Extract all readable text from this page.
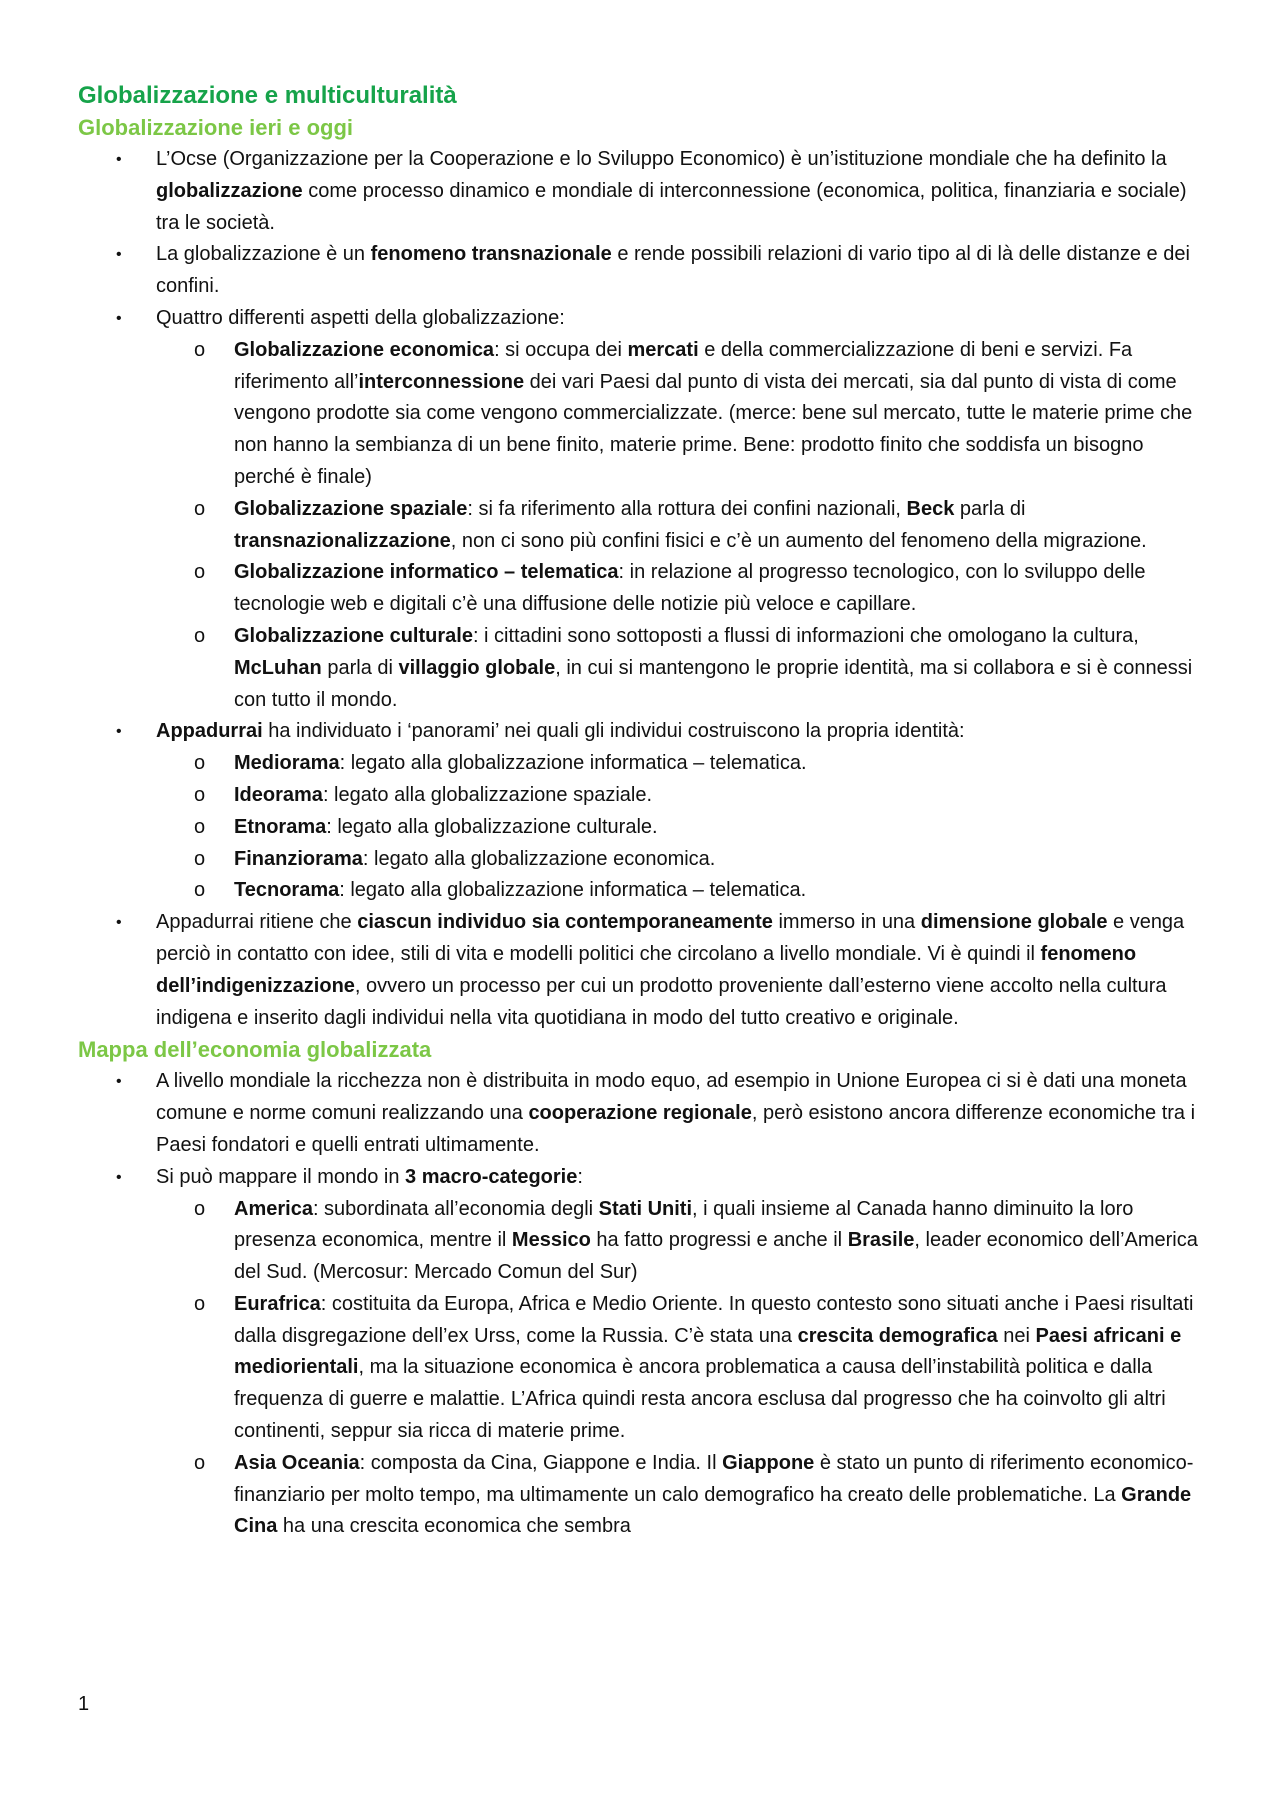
Globalizzazione e multiculturalità
Globalizzazione ieri e oggi
• L’Ocse (Organizzazione per la Cooperazione e lo Sviluppo Economico) è un’istituzione mondiale che ha definito la globalizzazione come processo dinamico e mondiale di interconnessione (economica, politica, finanziaria e sociale) tra le società.
• La globalizzazione è un fenomeno transnazionale e rende possibili relazioni di vario tipo al di là delle distanze e dei confini.
• Quattro differenti aspetti della globalizzazione:
o Globalizzazione economica: si occupa dei mercati e della commercializzazione di beni e servizi. Fa riferimento all’interconnessione dei vari Paesi dal punto di vista dei mercati, sia dal punto di vista di come vengono prodotte sia come vengono commercializzate. (merce: bene sul mercato, tutte le materie prime che non hanno la sembianza di un bene finito, materie prime. Bene: prodotto finito che soddisfa un bisogno perché è finale)
o Globalizzazione spaziale: si fa riferimento alla rottura dei confini nazionali, Beck parla di transnazionalizzazione, non ci sono più confini fisici e c’è un aumento del fenomeno della migrazione.
o Globalizzazione informatico – telematica: in relazione al progresso tecnologico, con lo sviluppo delle tecnologie web e digitali c’è una diffusione delle notizie più veloce e capillare.
o Globalizzazione culturale: i cittadini sono sottoposti a flussi di informazioni che omologano la cultura, McLuhan parla di villaggio globale, in cui si mantengono le proprie identità, ma si collabora e si è connessi con tutto il mondo.
• Appadurrai ha individuato i ‘panorami’ nei quali gli individui costruiscono la propria identità:
o Mediorama: legato alla globalizzazione informatica – telematica.
o Ideorama: legato alla globalizzazione spaziale.
o Etnorama: legato alla globalizzazione culturale.
o Finanziorama: legato alla globalizzazione economica.
o Tecnorama: legato alla globalizzazione informatica – telematica.
• Appadurrai ritiene che ciascun individuo sia contemporaneamente immerso in una dimensione globale e venga perciò in contatto con idee, stili di vita e modelli politici che circolano a livello mondiale. Vi è quindi il fenomeno dell’indigenizzazione, ovvero un processo per cui un prodotto proveniente dall’esterno viene accolto nella cultura indigena e inserito dagli individui nella vita quotidiana in modo del tutto creativo e originale.
Mappa dell’economia globalizzata
• A livello mondiale la ricchezza non è distribuita in modo equo, ad esempio in Unione Europea ci si è dati una moneta comune e norme comuni realizzando una cooperazione regionale, però esistono ancora differenze economiche tra i Paesi fondatori e quelli entrati ultimamente.
• Si può mappare il mondo in 3 macro-categorie:
o America: subordinata all’economia degli Stati Uniti, i quali insieme al Canada hanno diminuito la loro presenza economica, mentre il Messico ha fatto progressi e anche il Brasile, leader economico dell’America del Sud. (Mercosur: Mercado Comun del Sur)
o Eurafrica: costituita da Europa, Africa e Medio Oriente. In questo contesto sono situati anche i Paesi risultati dalla disgregazione dell’ex Urss, come la Russia. C’è stata una crescita demografica nei Paesi africani e mediorientali, ma la situazione economica è ancora problematica a causa dell’instabilità politica e dalla frequenza di guerre e malattie. L’Africa quindi resta ancora esclusa dal progresso che ha coinvolto gli altri continenti, seppur sia ricca di materie prime.
o Asia Oceania: composta da Cina, Giappone e India. Il Giappone è stato un punto di riferimento economico-finanziario per molto tempo, ma ultimamente un calo demografico ha creato delle problematiche. La Grande Cina ha una crescita economica che sembra
1
